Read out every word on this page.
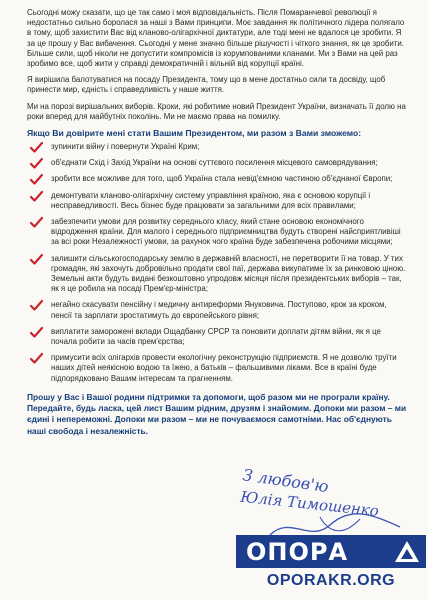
Сьогодні можу сказати, що це так само і моя відповідальність. Після Помаранчевої революції я недостатньо сильно боролася за наші з Вами принципи. Моє завдання як політичного лідера полягало в тому, щоб захистити Вас від клановo-олігархічної диктатури, але тоді мені не вдалося це зробити. Я за це прошу у Вас вибачення. Сьогодні у мене значно більше рішучості і чіткого знання, як це зробити. Більше сили, щоб ніколи не допустити компромісів із корумпованими кланами. Ми з Вами на цей раз зробимо все, щоб жити у справді демократичній і вільній від корупції країні.

Я вирішила балотуватися на посаду Президента, тому що в мене достатньо сили та досвіду, щоб принести мир, єдність і справедливість у наше життя.

Ми на порозі вирішальних виборів. Кроки, які робитиме новий Президент України, визначать її долю на роки вперед для майбутніх поколінь. Ми не маємо права на помилку.

Якщо Ви довірите мені стати Вашим Президентом, ми разом з Вами зможемо:
зупинити війну і повернути Україні Крим;
об'єднати Схід і Захід України на основі суттєвого посилення місцевого самоврядування;
зробити все можливе для того, щоб Україна стала невід'ємною частиною об'єднаної Європи;
демонтувати кланово-олігархічну систему управління країною, яка є основою корупції і несправедливості. Весь бізнес буде працювати за загальними для всіх правилами;
забезпечити умови для розвитку середнього класу, який стане основою економічного відродження країни. Для малого і середнього підприємництва будуть створені найсприятливіші за всі роки Незалежності умови, за рахунок чого країна буде забезпечена робочими місцями;
залишити сільськогосподарську землю в державній власності, не перетворити її на товар. У тих громадян, які захочуть добровільно продати свої паї, держава викупатиме їх за ринковою ціною. Земельні акти будуть видані безкоштовно упродовж місяця після президентських виборів – так, як я це робила на посаді Прем'єр-міністра;
негайно скасувати пенсійну і медичну антиреформи Януковича. Поступово, крок за кроком, пенсії та зарплати зростатимуть до європейського рівня;
виплатити заморожені вклади Ощадбанку СРСР та поновити доплати дітям війни, як я це почала робити за часів прем'єрства;
примусити всіх олігархів провести екологічну реконструкцію підприємств. Я не дозволю труїти наших дітей неякісною водою та їжею, а батьків – фальшивими ліками. Все в країні буде підпорядковано Вашим інтересам та прагненням.
Прошу у Вас і Вашої родини підтримки та допомоги, щоб разом ми не програли країну. Передайте, будь ласка, цей лист Вашим рідним, друзям і знайомим. Допоки ми разом – ми єдині і непереможні. Допоки ми разом – ми не почуваємося самотніми. Нас об'єднують наші свобода і незалежність.
З любов'ю
Юлія Тимошенко
ОПОРА
OPORAKR.ORG
